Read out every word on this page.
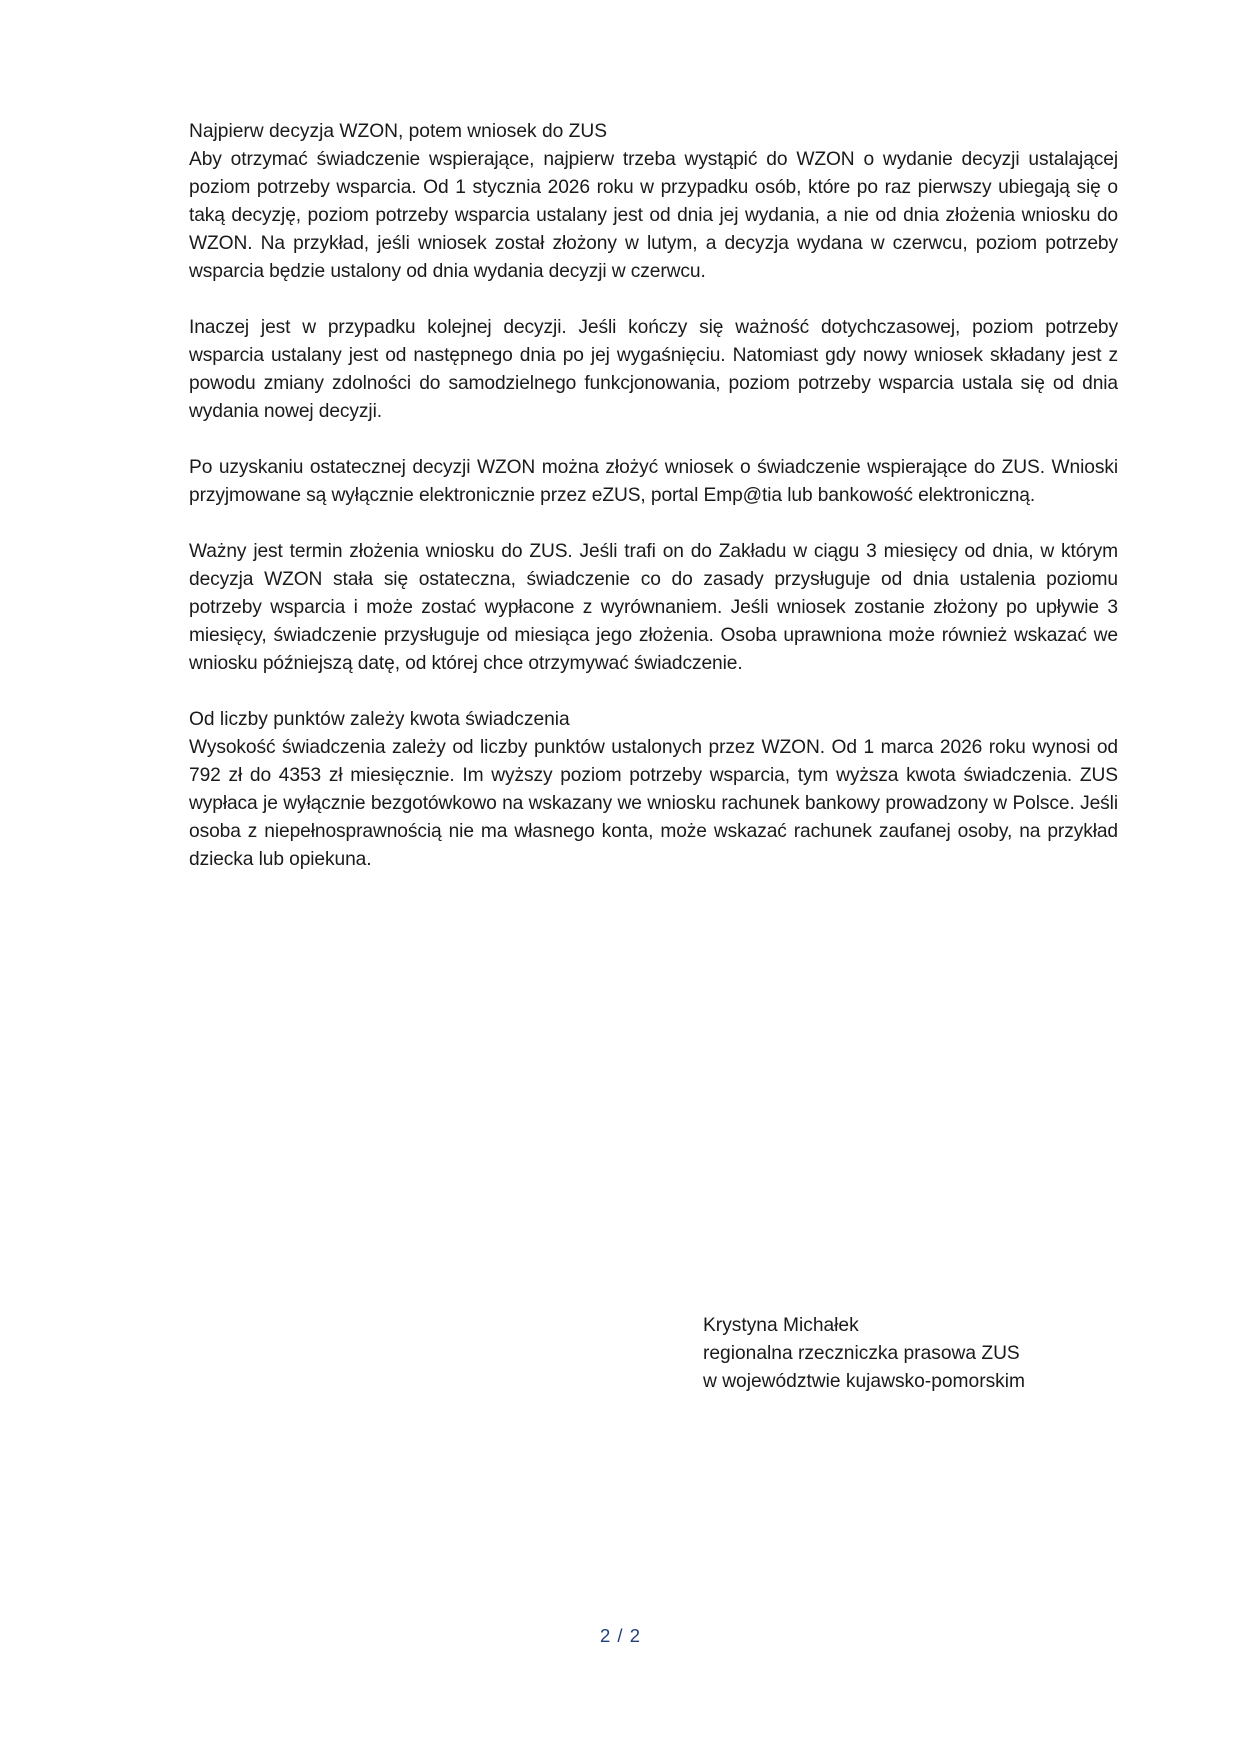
Najpierw decyzja WZON, potem wniosek do ZUS

Aby otrzymać świadczenie wspierające, najpierw trzeba wystąpić do WZON o wydanie decyzji ustalającej poziom potrzeby wsparcia. Od 1 stycznia 2026 roku w przypadku osób, które po raz pierwszy ubiegają się o taką decyzję, poziom potrzeby wsparcia ustalany jest od dnia jej wydania, a nie od dnia złożenia wniosku do WZON. Na przykład, jeśli wniosek został złożony w lutym, a decyzja wydana w czerwcu, poziom potrzeby wsparcia będzie ustalony od dnia wydania decyzji w czerwcu.

Inaczej jest w przypadku kolejnej decyzji. Jeśli kończy się ważność dotychczasowej, poziom potrzeby wsparcia ustalany jest od następnego dnia po jej wygaśnięciu. Natomiast gdy nowy wniosek składany jest z powodu zmiany zdolności do samodzielnego funkcjonowania, poziom potrzeby wsparcia ustala się od dnia wydania nowej decyzji.

Po uzyskaniu ostatecznej decyzji WZON można złożyć wniosek o świadczenie wspierające do ZUS. Wnioski przyjmowane są wyłącznie elektronicznie przez eZUS, portal Emp@tia lub bankowość elektroniczną.

Ważny jest termin złożenia wniosku do ZUS. Jeśli trafi on do Zakładu w ciągu 3 miesięcy od dnia, w którym decyzja WZON stała się ostateczna, świadczenie co do zasady przysługuje od dnia ustalenia poziomu potrzeby wsparcia i może zostać wypłacone z wyrównaniem. Jeśli wniosek zostanie złożony po upływie 3 miesięcy, świadczenie przysługuje od miesiąca jego złożenia. Osoba uprawniona może również wskazać we wniosku późniejszą datę, od której chce otrzymywać świadczenie.

Od liczby punktów zależy kwota świadczenia

Wysokość świadczenia zależy od liczby punktów ustalonych przez WZON. Od 1 marca 2026 roku wynosi od 792 zł do 4353 zł miesięcznie. Im wyższy poziom potrzeby wsparcia, tym wyższa kwota świadczenia. ZUS wypłaca je wyłącznie bezgotówkowo na wskazany we wniosku rachunek bankowy prowadzony w Polsce. Jeśli osoba z niepełnosprawnością nie ma własnego konta, może wskazać rachunek zaufanej osoby, na przykład dziecka lub opiekuna.

Krystyna Michałek
regionalna rzeczniczka prasowa ZUS
w województwie kujawsko-pomorskim
2 / 2
